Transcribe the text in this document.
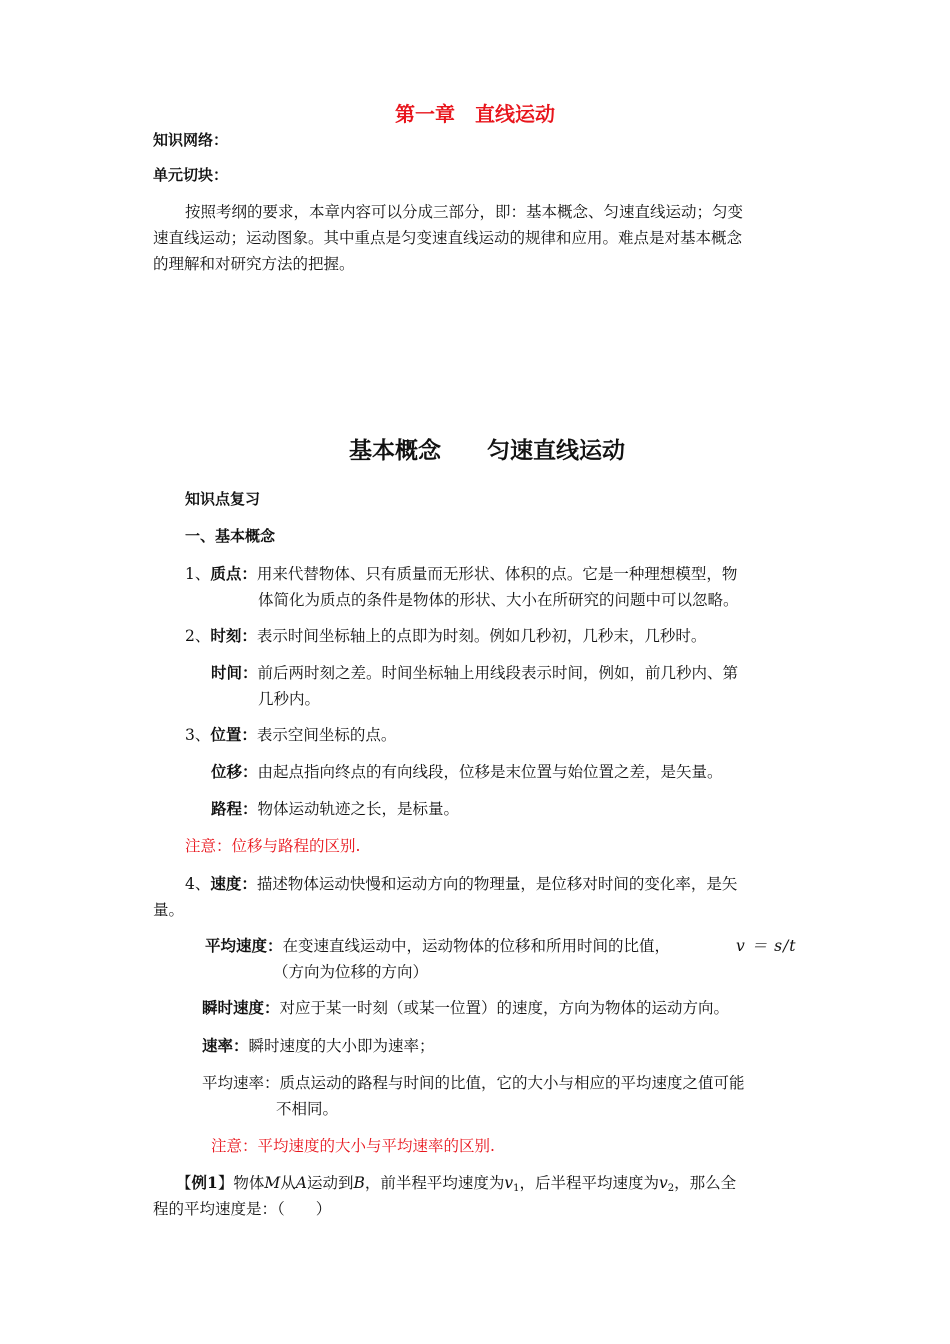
第一章　直线运动
知识网络：
单元切块：
按照考纲的要求，本章内容可以分成三部分，即：基本概念、匀速直线运动；匀变
速直线运动；运动图象。其中重点是匀变速直线运动的规律和应用。难点是对基本概念
的理解和对研究方法的把握。
基本概念　　匀速直线运动
知识点复习
一、基本概念
1、质点：用来代替物体、只有质量而无形状、体积的点。它是一种理想模型，物
体简化为质点的条件是物体的形状、大小在所研究的问题中可以忽略。
2、时刻：表示时间坐标轴上的点即为时刻。例如几秒初，几秒末，几秒时。
时间：前后两时刻之差。时间坐标轴上用线段表示时间，例如，前几秒内、第
几秒内。
3、位置：表示空间坐标的点。
位移：由起点指向终点的有向线段，位移是末位置与始位置之差，是矢量。
路程：物体运动轨迹之长，是标量。
注意：位移与路程的区别.
4、速度：描述物体运动快慢和运动方向的物理量，是位移对时间的变化率，是矢
量。
平均速度：在变速直线运动中，运动物体的位移和所用时间的比值，	v ＝ s/t
（方向为位移的方向）
瞬时速度：对应于某一时刻（或某一位置）的速度，方向为物体的运动方向。
速率：瞬时速度的大小即为速率；
平均速率：质点运动的路程与时间的比值，它的大小与相应的平均速度之值可能
不相同。
注意：平均速度的大小与平均速率的区别.
【例1】物体M从A运动到B，前半程平均速度为$v_1$，后半程平均速度为$v_2$，那么全
程的平均速度是：（　　）
